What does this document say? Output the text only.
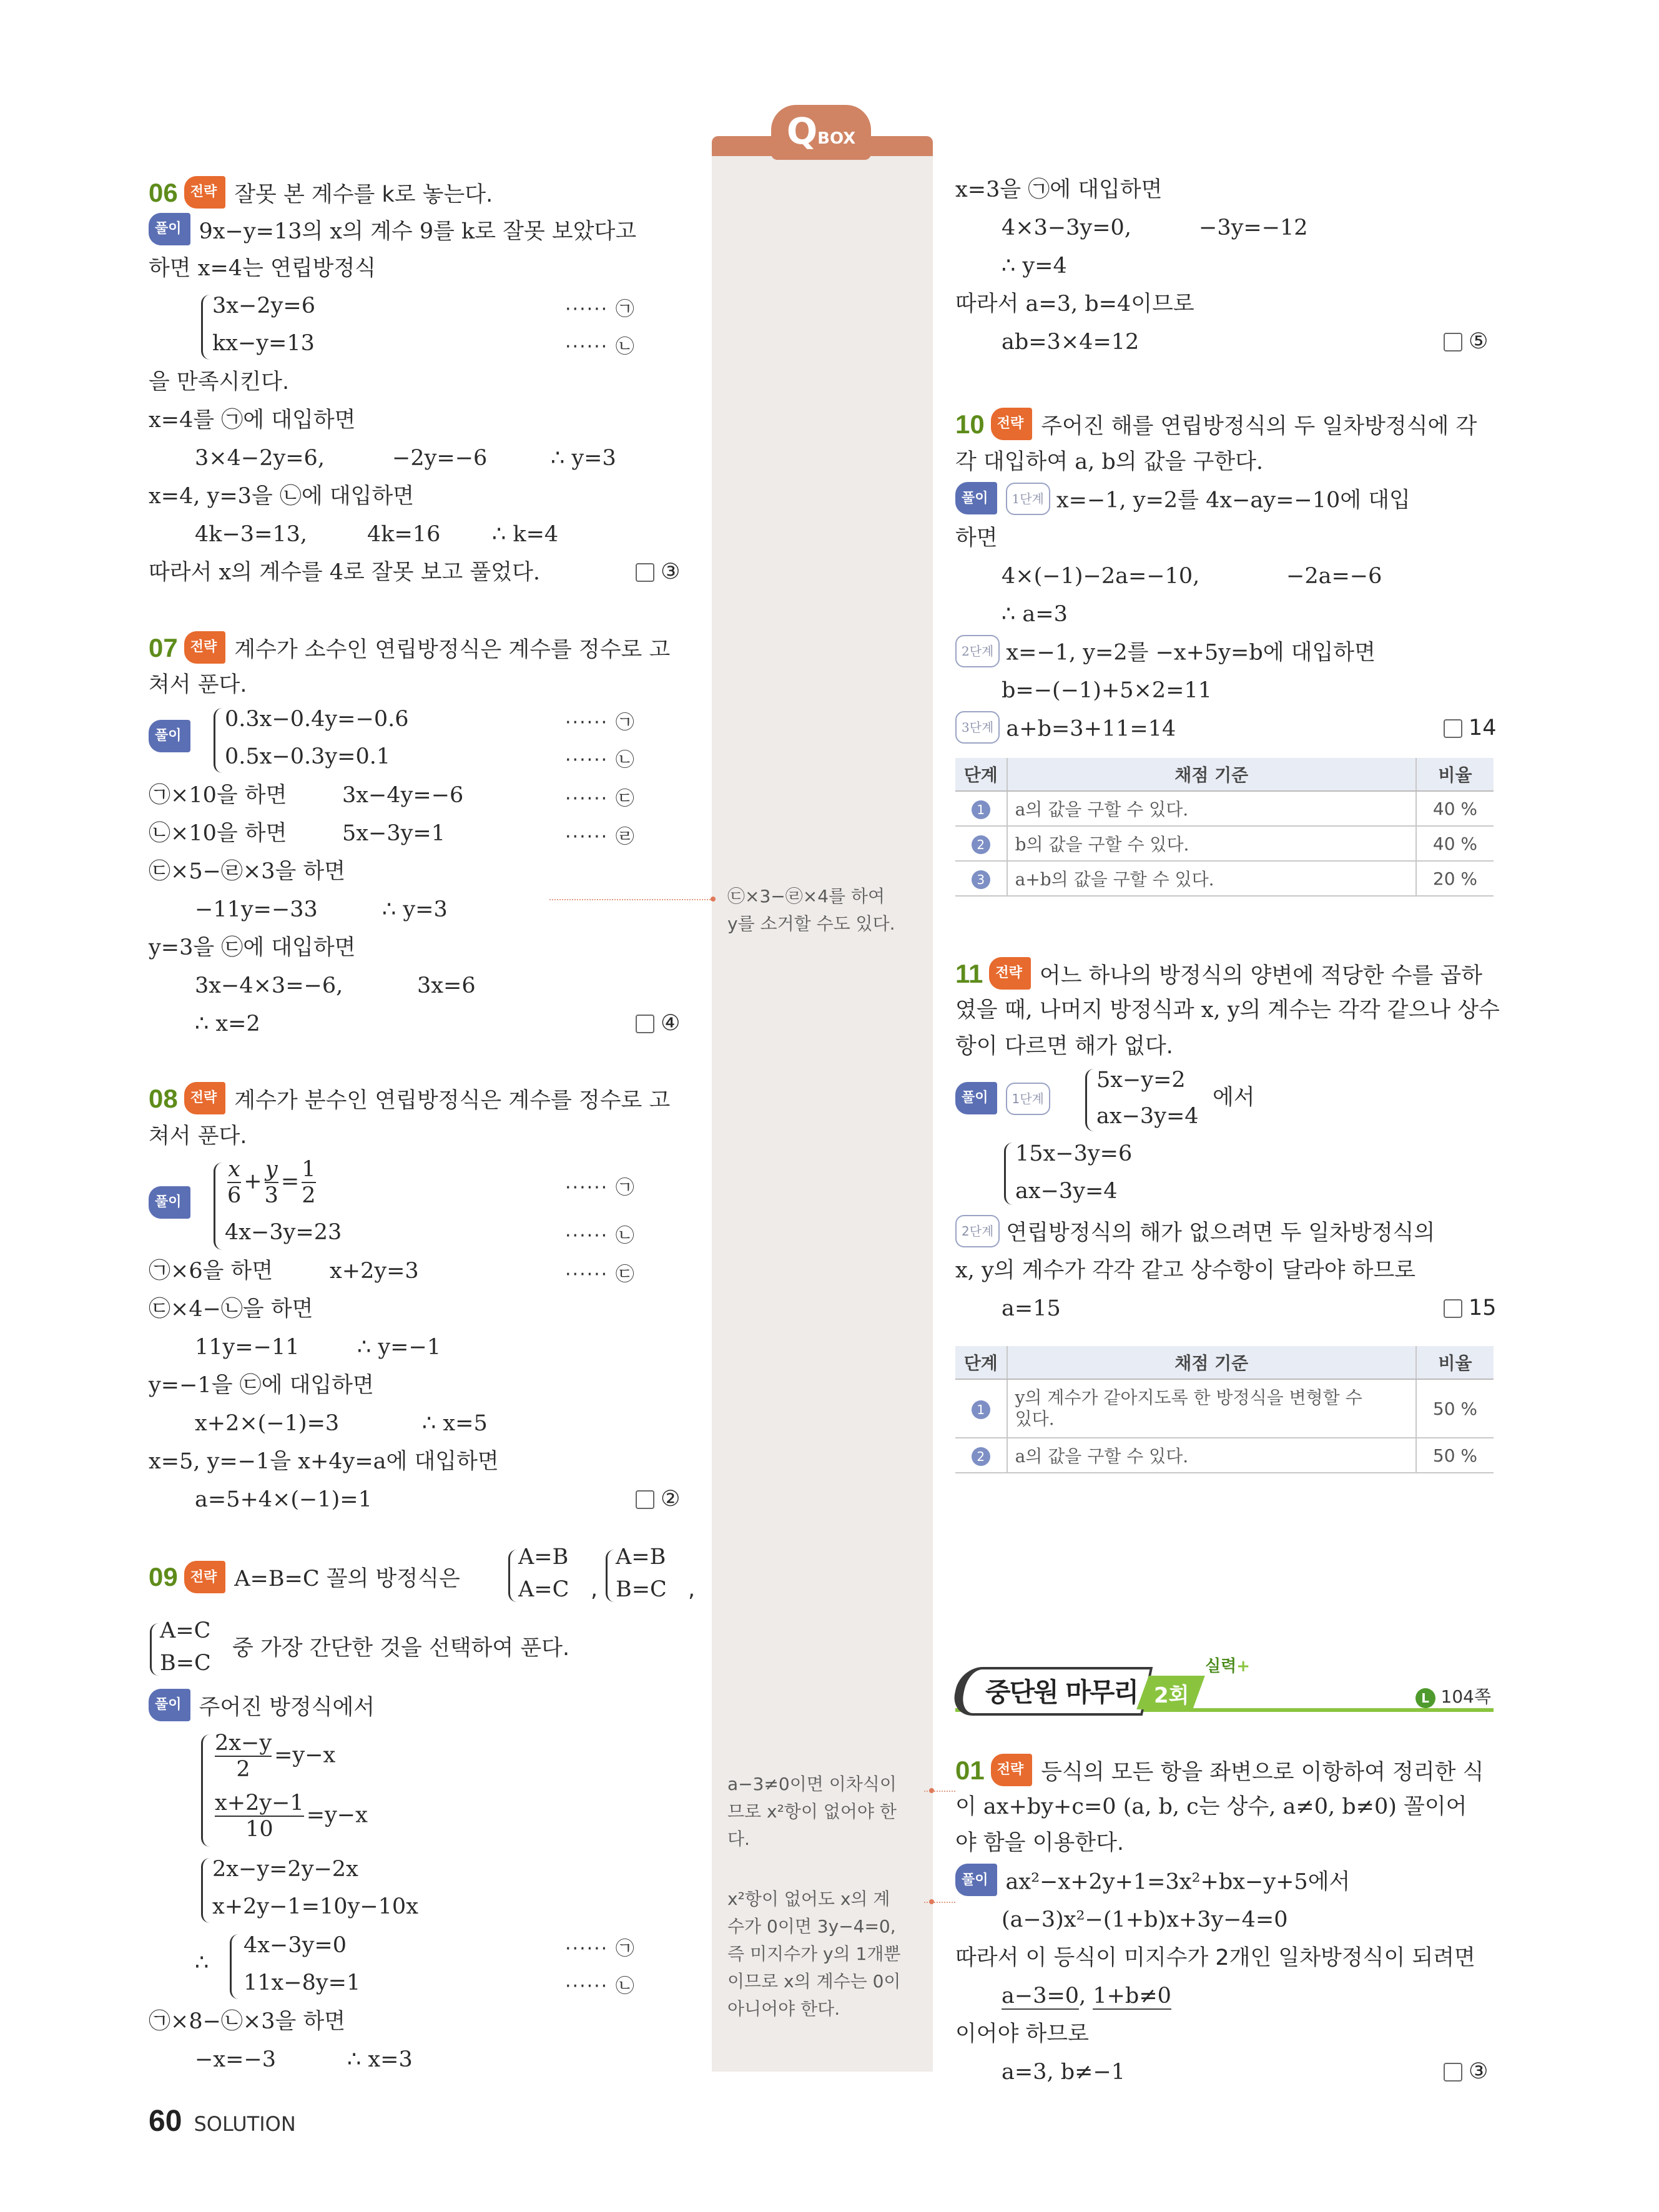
QBOX
06 전략 잘못 본 계수를 k로 놓는다.
풀이 9x−y=13의 x의 계수 9를 k로 잘못 보았다고
하면 x=4는 연립방정식
3x−2y=6
kx−y=13
······ ㉠
······ ㉡
을 만족시킨다.
x=4를 ㉠에 대입하면
3×4−2y=6,	−2y=−6	∴ y=3
x=4, y=3을 ㉡에 대입하면
4k−3=13,	4k=16 ∴ k=4
따라서 x의 계수를 4로 잘못 보고 풀었다.	③
07 전략 계수가 소수인 연립방정식은 계수를 정수로 고
쳐서 푼다.
풀이
0.3x−0.4y=−0.6
0.5x−0.3y=0.1
······ ㉠
······ ㉡
㉠×10을 하면	3x−4y=−6	······ ㉢
㉡×10을 하면	5x−3y=1	······ ㉣
㉢×5−㉣×3을 하면
−11y=−33	∴ y=3
y=3을 ㉢에 대입하면
3x−4×3=−6,	3x=6
∴ x=2	④
㉢×3−㉣×4를 하여
y를 소거할 수도 있다.
08 전략 계수가 분수인 연립방정식은 계수를 정수로 고
쳐서 푼다.
풀이	$\frac{x}{6} + \frac{y}{3} = \frac{1}{2}$	······ ㉠
4x−3y=23	······ ㉡
㉠×6을 하면	x+2y=3	······ ㉢
㉢×4−㉡을 하면
11y=−11	∴ y=−1
y=−1을 ㉢에 대입하면
x+2×(−1)=3	∴ x=5
x=5, y=−1을 x+4y=a에 대입하면
a=5+4×(−1)=1	②
09 전략 A=B=C 꼴의 방정식은
A=B
A=C ,
A=B
B=C ,
A=C
B=C
중 가장 간단한 것을 선택하여 푼다.
풀이 주어진 방정식에서
$\frac{2x-y}{2} =y-x$
$\frac{x+2y-1}{10} =y-x$
2x−y=2y−2x
x+2y−1=10y−10x
∴
4x−3y=0
11x−8y=1
······ ㉠
······ ㉡
㉠×8−㉡×3을 하면
−x=−3	∴ x=3
x=3을 ㉠에 대입하면
4×3−3y=0,	−3y=−12
∴ y=4
따라서 a=3, b=4이므로
ab=3×4=12	⑤
10 전략 주어진 해를 연립방정식의 두 일차방정식에 각
각 대입하여 a, b의 값을 구한다.
풀이 1단계 x=−1, y=2를 4x−ay=−10에 대입
하면
4×(−1)−2a=−10,	−2a=−6
∴ a=3
2단계 x=−1, y=2를 −x+5y=b에 대입하면
b=−(−1)+5×2=11
3단계 a+b=3+11=14	14
단계	채점 기준	비율
1	a의 값을 구할 수 있다.	40 %
2	b의 값을 구할 수 있다.	40 %
3	a+b의 값을 구할 수 있다.	20 %
11 전략 어느 하나의 방정식의 양변에 적당한 수를 곱하
였을 때, 나머지 방정식과 x, y의 계수는 각각 같으나 상수
항이 다르면 해가 없다.
풀이 1단계
5x−y=2
ax−3y=4
에서
15x−3y=6
ax−3y=4
2단계 연립방정식의 해가 없으려면 두 일차방정식의
x, y의 계수가 각각 같고 상수항이 달라야 하므로
a=15	15
단계	채점 기준	비율
1	y의 계수가 같아지도록 한 방정식을 변형할 수
있다.	50 %
2	a의 값을 구할 수 있다.	50 %
중단원 마무리 2회
실력+
L 104쪽
01 전략 등식의 모든 항을 좌변으로 이항하여 정리한 식
이 ax+by+c=0 (a, b, c는 상수, a≠0, b≠0) 꼴이어
야 함을 이용한다.
풀이 ax²−x+2y+1=3x²+bx−y+5에서
(a−3)x²−(1+b)x+3y−4=0
따라서 이 등식이 미지수가 2개인 일차방정식이 되려면
a−3=0, 1+b≠0
이어야 하므로
a=3, b≠−1	③
a−3≠0이면 이차식이
므로 x²항이 없어야 한
다.
x²항이 없어도 x의 계
수가 0이면 3y−4=0,
즉 미지수가 y의 1개뿐
이므로 x의 계수는 0이
아니어야 한다.
60 SOLUTION
